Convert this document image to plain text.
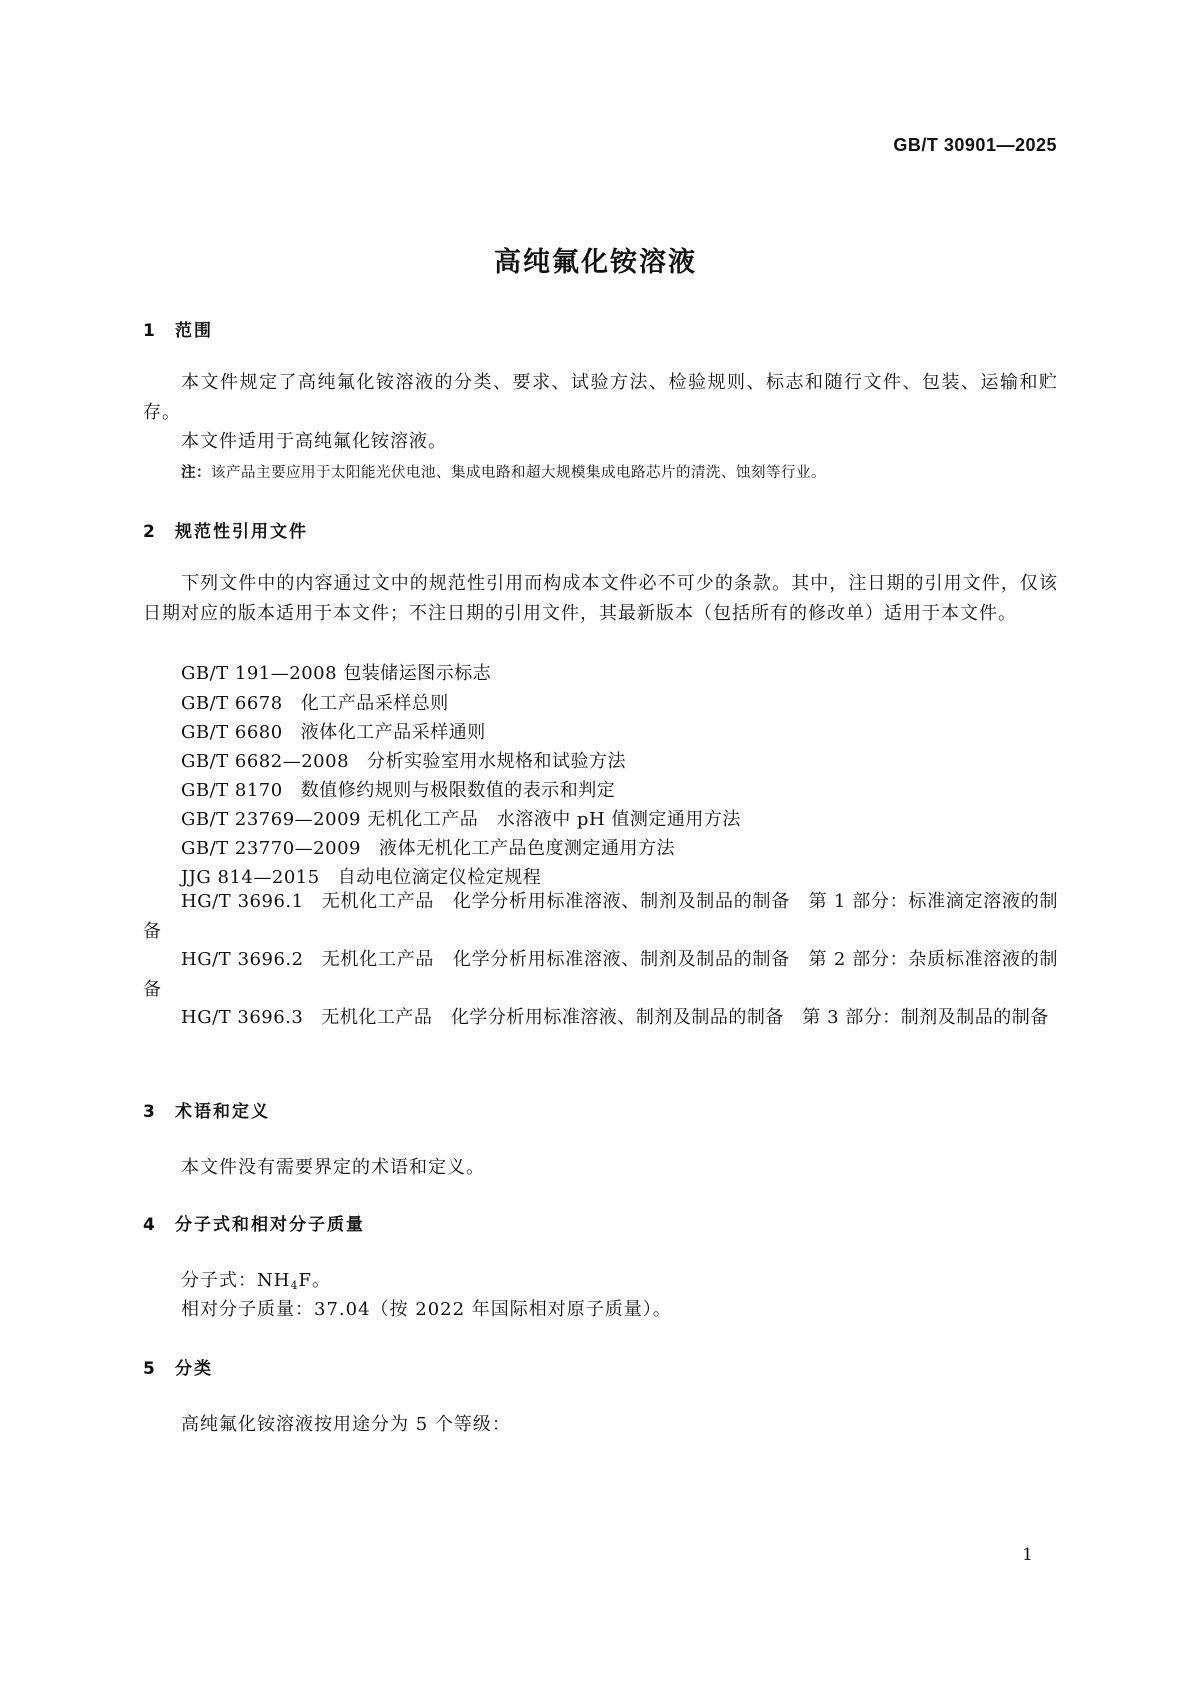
GB/T 30901—2025
高纯氟化铵溶液
1 范围
本文件规定了高纯氟化铵溶液的分类、要求、试验方法、检验规则、标志和随行文件、包装、运输和贮存。
本文件适用于高纯氟化铵溶液。
注：该产品主要应用于太阳能光伏电池、集成电路和超大规模集成电路芯片的清洗、蚀刻等行业。
2 规范性引用文件
下列文件中的内容通过文中的规范性引用而构成本文件必不可少的条款。其中，注日期的引用文件，仅该日期对应的版本适用于本文件；不注日期的引用文件，其最新版本（包括所有的修改单）适用于本文件。
GB/T 191—2008 包装储运图示标志
GB/T 6678 化工产品采样总则
GB/T 6680 液体化工产品采样通则
GB/T 6682—2008 分析实验室用水规格和试验方法
GB/T 8170 数值修约规则与极限数值的表示和判定
GB/T 23769—2009 无机化工产品　水溶液中 pH 值测定通用方法
GB/T 23770—2009 液体无机化工产品色度测定通用方法
JJG 814—2015 自动电位滴定仪检定规程
HG/T 3696.1 无机化工产品　化学分析用标准溶液、制剂及制品的制备　第 1 部分：标准滴定溶液的制备
HG/T 3696.2 无机化工产品　化学分析用标准溶液、制剂及制品的制备　第 2 部分：杂质标准溶液的制备
HG/T 3696.3 无机化工产品　化学分析用标准溶液、制剂及制品的制备　第 3 部分：制剂及制品的制备
3 术语和定义
本文件没有需要界定的术语和定义。
4 分子式和相对分子质量
分子式：$NH_4F$。
相对分子质量：37.04（按 2022 年国际相对原子质量）。
5 分类
高纯氟化铵溶液按用途分为 5 个等级：
1
